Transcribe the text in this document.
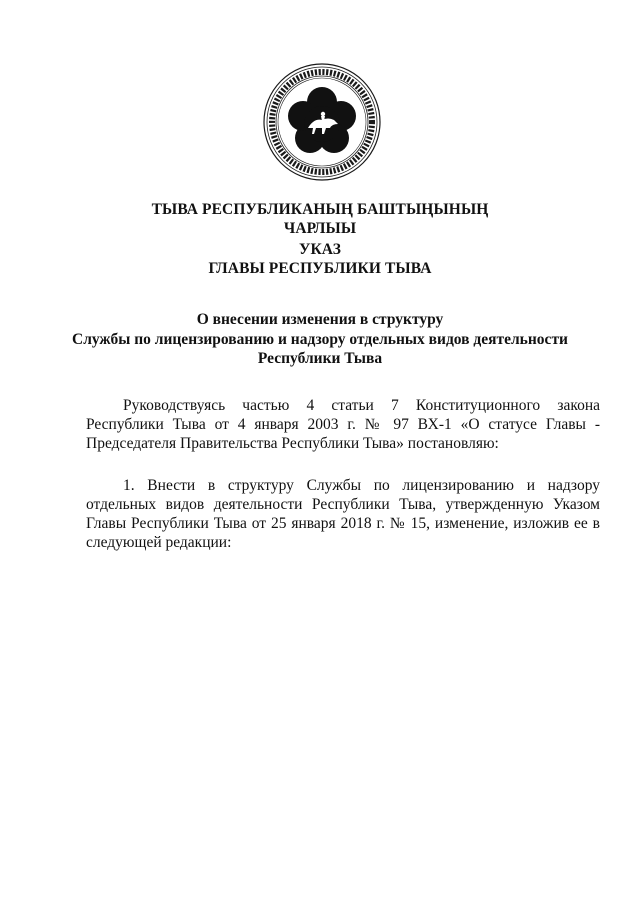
ТЫВА РЕСПУБЛИКАНЫҢ БАШТЫҢЫНЫҢ
ЧАРЛЫЫ
УКАЗ
ГЛАВЫ РЕСПУБЛИКИ ТЫВА
О внесении изменения в структуру
Службы по лицензированию и надзору отдельных видов деятельности
Республики Тыва

Руководствуясь частью 4 статьи 7 Конституционного закона Республики Тыва от 4 января 2003 г. № 97 ВХ-1 «О статусе Главы - Председателя Правительства Республики Тыва» постановляю:

1. Внести в структуру Службы по лицензированию и надзору отдельных видов деятельности Республики Тыва, утвержденную Указом Главы Республики Тыва от 25 января 2018 г. № 15, изменение, изложив ее в следующей редакции:
